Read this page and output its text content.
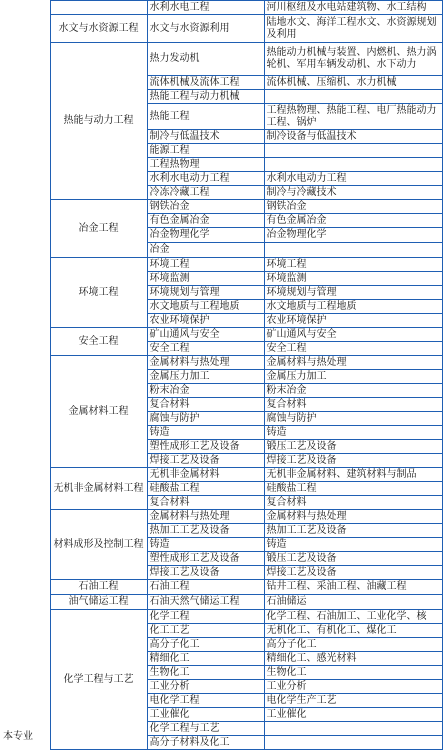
		水利水电工程	河川枢纽及水电站建筑物、水工结构
	水文与水资源工程	水文与水资源利用	陆地水文、海洋工程水文、水资源规划及利用
	热能与动力工程	热力发动机	热能动力机械与装置、内燃机、热力涡轮机、军用车辆发动机、水下动力
		流体机械及流体工程	流体机械、压缩机、水力机械
		热能工程与动力机械	
		热能工程	工程热物理、热能工程、电厂热能动力工程、锅炉
		制冷与低温技术	制冷设备与低温技术
		能源工程	
		工程热物理	
		水利水电动力工程	水利水电动力工程
		冷冻冷藏工程	制冷与冷藏技术
	冶金工程	钢铁冶金	钢铁冶金
		有色金属冶金	有色金属冶金
		冶金物理化学	冶金物理化学
		冶金	
	环境工程	环境工程	环境工程
		环境监测	环境监测
		环境规划与管理	环境规划与管理
		水文地质与工程地质	水文地质与工程地质
		农业环境保护	农业环境保护
	安全工程	矿山通风与安全	矿山通风与安全
		安全工程	安全工程
	金属材料工程	金属材料与热处理	金属材料与热处理
		金属压力加工	金属压力加工
		粉末冶金	粉末冶金
		复合材料	复合材料
		腐蚀与防护	腐蚀与防护
		铸造	铸造
		塑性成形工艺及设备	锻压工艺及设备
		焊接工艺及设备	焊接工艺及设备
	无机非金属材料工程	无机非金属材料	无机非金属材料、建筑材料与制品
		硅酸盐工程	硅酸盐工程
		复合材料	复合材料
	材料成形及控制工程	金属材料与热处理	金属材料与热处理
		热加工工艺及设备	热加工工艺及设备
		铸造	铸造
		塑性成形工艺及设备	锻压工艺及设备
		焊接工艺及设备	焊接工艺及设备
	石油工程	石油工程	钻井工程、采油工程、油藏工程
	油气储运工程	石油天然气储运工程	石油储运
	化学工程与工艺	化学工程	化学工程、石油加工、工业化学、核
		化工工艺	无机化工、有机化工、煤化工
		高分子化工	高分子化工
		精细化工	精细化工、感光材料
		生物化工	生物化工
		工业分析	工业分析
		电化学工程	电化学生产工艺
		工业催化	工业催化
		化学工程与工艺	
		高分子材料及化工	
本专业
